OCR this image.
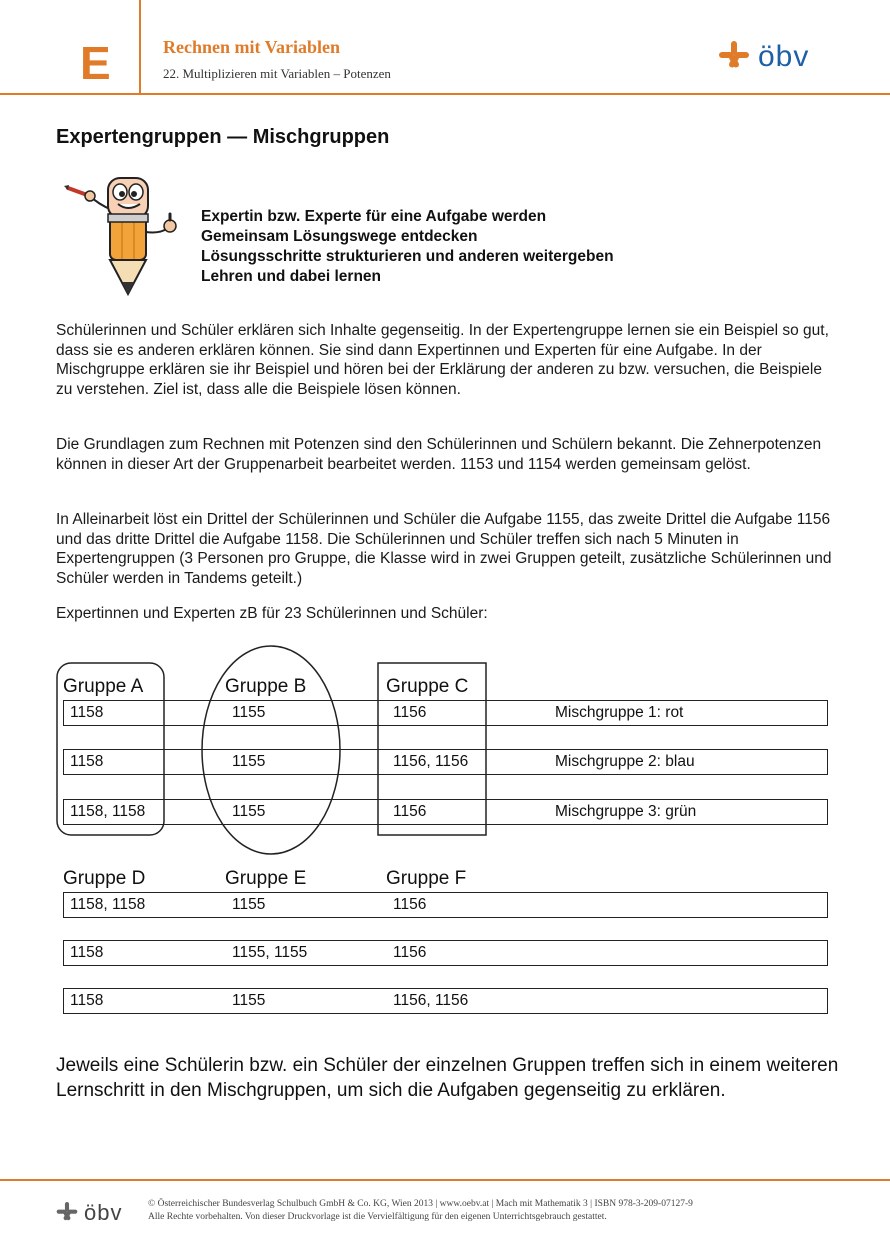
E	Rechnen mit Variablen
22. Multiplizieren mit Variablen – Potenzen
öbv
Expertengruppen — Mischgruppen
Expertin bzw. Experte für eine Aufgabe werden
Gemeinsam Lösungswege entdecken
Lösungsschritte strukturieren und anderen weitergeben
Lehren und dabei lernen
Schülerinnen und Schüler erklären sich Inhalte gegenseitig. In der Expertengruppe lernen sie ein Beispiel so gut, dass sie es anderen erklären können. Sie sind dann Expertinnen und Experten für eine Aufgabe. In der Mischgruppe erklären sie ihr Beispiel und hören bei der Erklärung der anderen zu bzw. versuchen, die Beispiele zu verstehen. Ziel ist, dass alle die Beispiele lösen können.
Die Grundlagen zum Rechnen mit Potenzen sind den Schülerinnen und Schülern bekannt. Die Zehnerpotenzen können in dieser Art der Gruppenarbeit bearbeitet werden. 1153 und 1154 werden gemeinsam gelöst.
In Alleinarbeit löst ein Drittel der Schülerinnen und Schüler die Aufgabe 1155, das zweite Drittel die Aufgabe 1156 und das dritte Drittel die Aufgabe 1158. Die Schülerinnen und Schüler treffen sich nach 5 Minuten in Expertengruppen (3 Personen pro Gruppe, die Klasse wird in zwei Gruppen geteilt, zusätzliche Schülerinnen und Schüler werden in Tandems geteilt.)
Expertinnen und Experten zB für 23 Schülerinnen und Schüler:
Gruppe A	Gruppe B	Gruppe C
1158	1155	1156	Mischgruppe 1: rot
1158	1155	1156, 1156	Mischgruppe 2: blau
1158, 1158	1155	1156	Mischgruppe 3: grün
Gruppe D	Gruppe E	Gruppe F
1158, 1158	1155	1156
1158	1155, 1155	1156
1158	1155	1156, 1156
Jeweils eine Schülerin bzw. ein Schüler der einzelnen Gruppen treffen sich in einem weiteren Lernschritt in den Mischgruppen, um sich die Aufgaben gegenseitig zu erklären.
öbv	© Österreichischer Bundesverlag Schulbuch GmbH & Co. KG, Wien 2013 | www.oebv.at | Mach mit Mathematik 3 | ISBN 978-3-209-07127-9
Alle Rechte vorbehalten. Von dieser Druckvorlage ist die Vervielfältigung für den eigenen Unterrichtsgebrauch gestattet.
